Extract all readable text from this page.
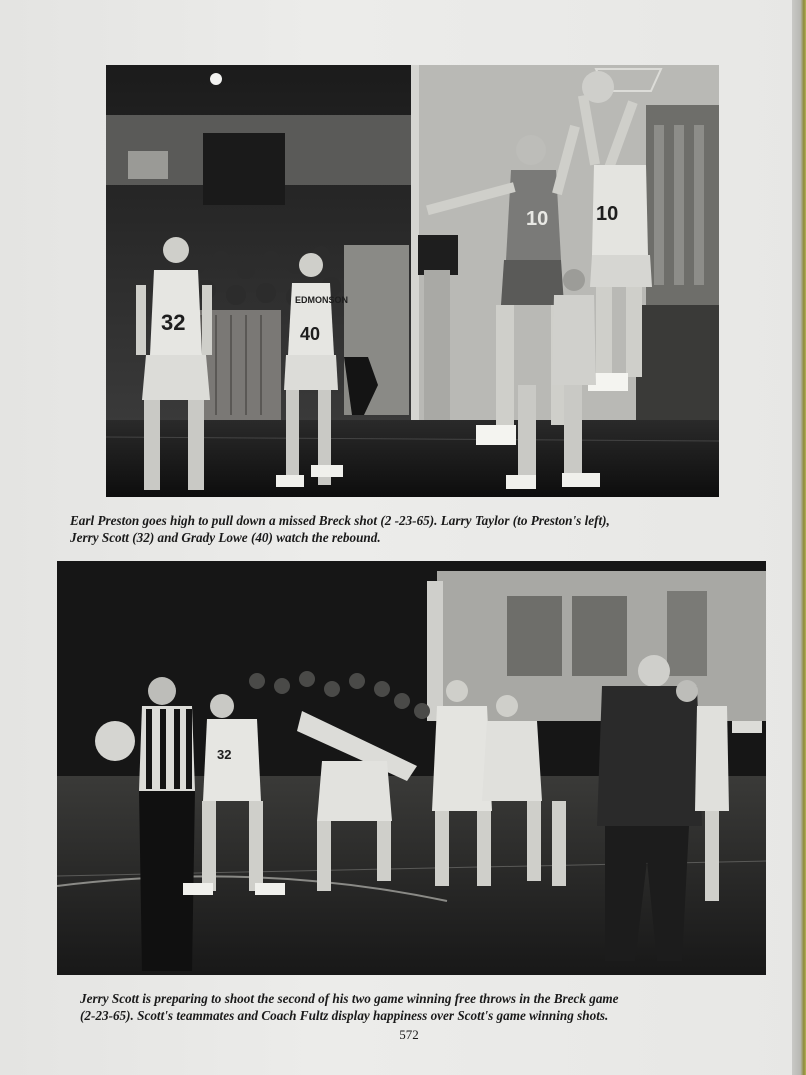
32
EDMONSON
40
10 10
Earl Preston goes high to pull down a missed Breck shot (2 -23-65). Larry Taylor (to Preston's left),
Jerry Scott (32) and Grady Lowe (40) watch the rebound.
32
Jerry Scott is preparing to shoot the second of his two game winning free throws in the Breck game
(2-23-65). Scott's teammates and Coach Fultz display happiness over Scott's game winning shots.
572
